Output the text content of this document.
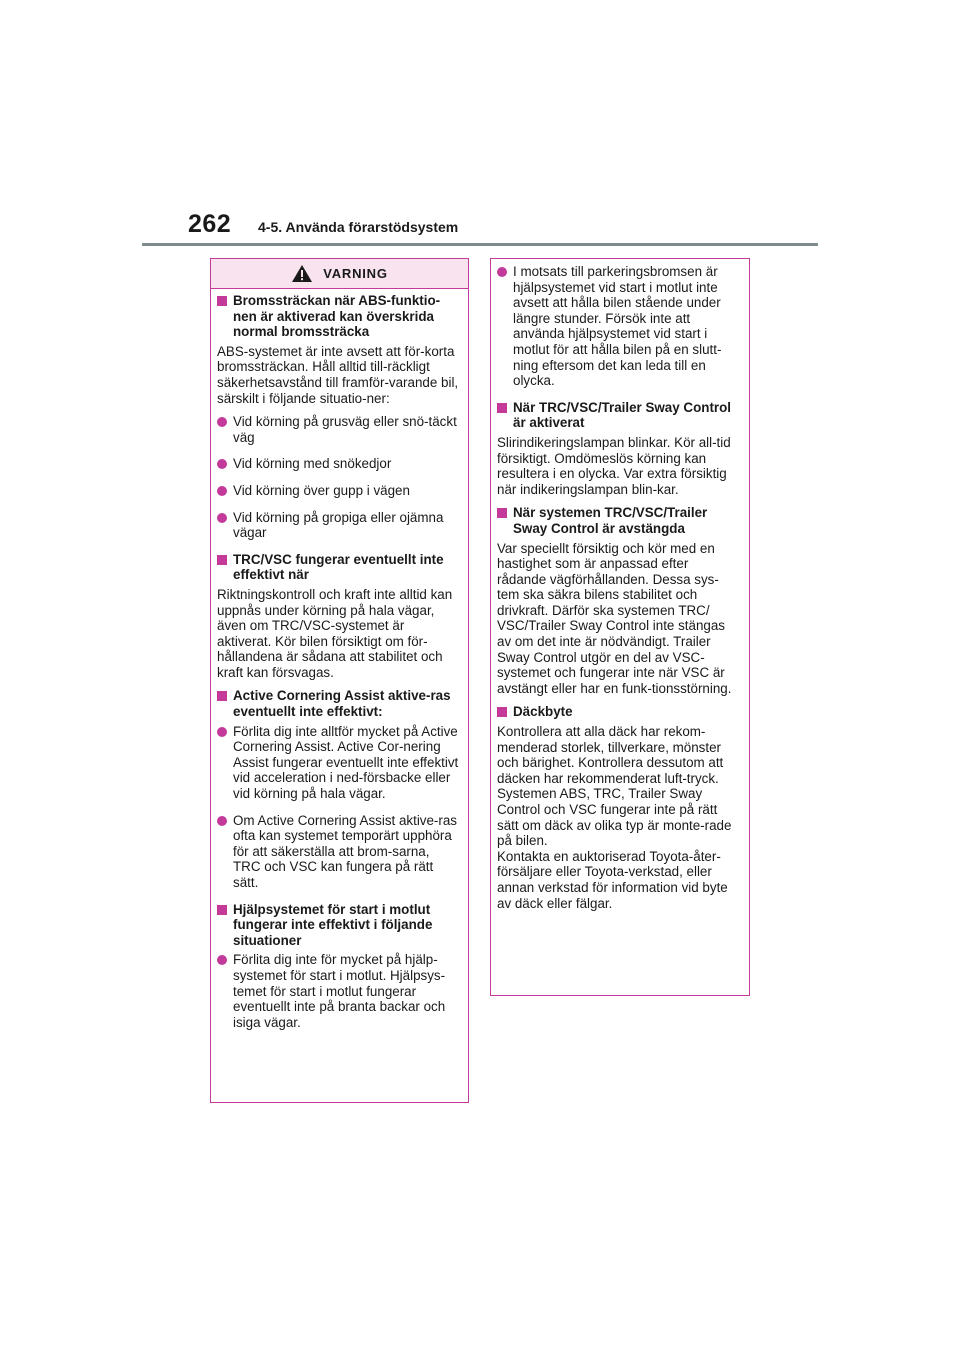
262 4-5. Använda förarstödsystem
VARNING
Bromssträckan när ABS-funktio-nen är aktiverad kan överskrida normal bromssträcka
ABS-systemet är inte avsett att för-korta bromssträckan. Håll alltid till-räckligt säkerhetsavstånd till framför-varande bil, särskilt i följande situatio-ner:
Vid körning på grusväg eller snö-täckt väg
Vid körning med snökedjor
Vid körning över gupp i vägen
Vid körning på gropiga eller ojämna vägar
TRC/VSC fungerar eventuellt inte effektivt när
Riktningskontroll och kraft inte alltid kan uppnås under körning på hala vägar, även om TRC/VSC-systemet är aktiverat. Kör bilen försiktigt om för-hållandena är sådana att stabilitet och kraft kan försvagas.
Active Cornering Assist aktive-ras eventuellt inte effektivt:
Förlita dig inte alltför mycket på Active Cornering Assist. Active Cor-nering Assist fungerar eventuellt inte effektivt vid acceleration i ned-försbacke eller vid körning på hala vägar.
Om Active Cornering Assist aktive-ras ofta kan systemet temporärt upphöra för att säkerställa att brom-sarna, TRC och VSC kan fungera på rätt sätt.
Hjälpsystemet för start i motlut fungerar inte effektivt i följande situationer
Förlita dig inte för mycket på hjälp-systemet för start i motlut. Hjälpsys-temet för start i motlut fungerar eventuellt inte på branta backar och isiga vägar.
I motsats till parkeringsbromsen är hjälpsystemet vid start i motlut inte avsett att hålla bilen stående under längre stunder. Försök inte att använda hjälpsystemet vid start i motlut för att hålla bilen på en slutt-ning eftersom det kan leda till en olycka.
När TRC/VSC/Trailer Sway Control är aktiverat
Slirindikeringslampan blinkar. Kör all-tid försiktigt. Omdömeslös körning kan resultera i en olycka. Var extra försiktig när indikeringslampan blin-kar.
När systemen TRC/VSC/Trailer Sway Control är avstängda
Var speciellt försiktig och kör med en hastighet som är anpassad efter rådande vägförhållanden. Dessa sys-tem ska säkra bilens stabilitet och drivkraft. Därför ska systemen TRC/ VSC/Trailer Sway Control inte stängas av om det inte är nödvändigt. Trailer Sway Control utgör en del av VSC-systemet och fungerar inte när VSC är avstängt eller har en funk-tionsstörning.
Däckbyte
Kontrollera att alla däck har rekom-menderad storlek, tillverkare, mönster och bärighet. Kontrollera dessutom att däcken har rekommenderat luft-tryck.
Systemen ABS, TRC, Trailer Sway Control och VSC fungerar inte på rätt sätt om däck av olika typ är monte-rade på bilen.
Kontakta en auktoriserad Toyota-åter-försäljare eller Toyota-verkstad, eller annan verkstad för information vid byte av däck eller fälgar.
